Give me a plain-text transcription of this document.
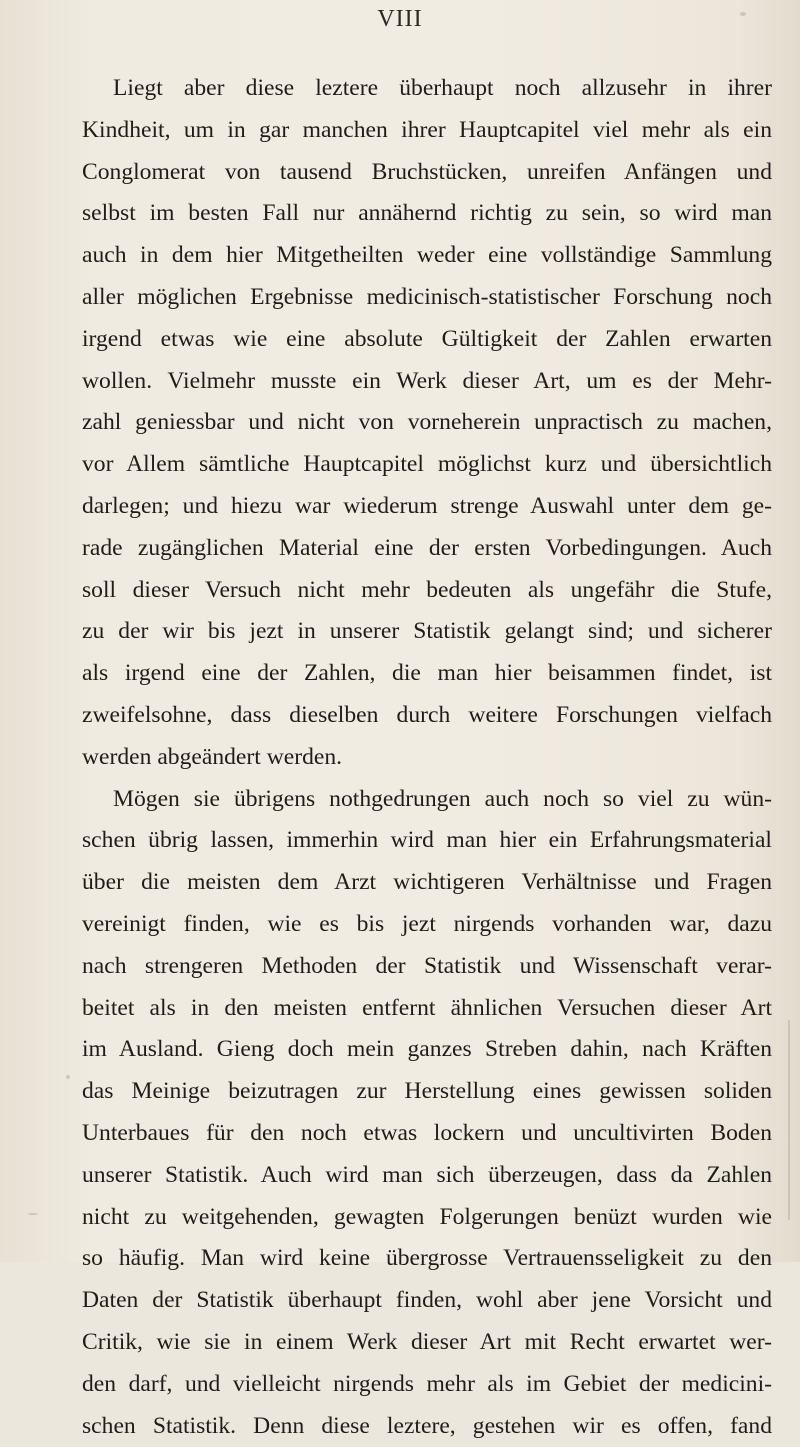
VIII
Liegt aber diese leztere überhaupt noch allzusehr in ihrer
Kindheit, um in gar manchen ihrer Hauptcapitel viel mehr als ein
Conglomerat von tausend Bruchstücken, unreifen Anfängen und
selbst im besten Fall nur annähernd richtig zu sein, so wird man
auch in dem hier Mitgetheilten weder eine vollständige Sammlung
aller möglichen Ergebnisse medicinisch-statistischer Forschung noch
irgend etwas wie eine absolute Gültigkeit der Zahlen erwarten
wollen. Vielmehr musste ein Werk dieser Art, um es der Mehr-
zahl geniessbar und nicht von vorneherein unpractisch zu machen,
vor Allem sämtliche Hauptcapitel möglichst kurz und übersichtlich
darlegen; und hiezu war wiederum strenge Auswahl unter dem ge-
rade zugänglichen Material eine der ersten Vorbedingungen. Auch
soll dieser Versuch nicht mehr bedeuten als ungefähr die Stufe,
zu der wir bis jezt in unserer Statistik gelangt sind; und sicherer
als irgend eine der Zahlen, die man hier beisammen findet, ist
zweifelsohne, dass dieselben durch weitere Forschungen vielfach
werden abgeändert werden.
Mögen sie übrigens nothgedrungen auch noch so viel zu wün-
schen übrig lassen, immerhin wird man hier ein Erfahrungsmaterial
über die meisten dem Arzt wichtigeren Verhältnisse und Fragen
vereinigt finden, wie es bis jezt nirgends vorhanden war, dazu
nach strengeren Methoden der Statistik und Wissenschaft verar-
beitet als in den meisten entfernt ähnlichen Versuchen dieser Art
im Ausland. Gieng doch mein ganzes Streben dahin, nach Kräften
das Meinige beizutragen zur Herstellung eines gewissen soliden
Unterbaues für den noch etwas lockern und uncultivirten Boden
unserer Statistik. Auch wird man sich überzeugen, dass da Zahlen
nicht zu weitgehenden, gewagten Folgerungen benüzt wurden wie
so häufig. Man wird keine übergrosse Vertrauensseligkeit zu den
Daten der Statistik überhaupt finden, wohl aber jene Vorsicht und
Critik, wie sie in einem Werk dieser Art mit Recht erwartet wer-
den darf, und vielleicht nirgends mehr als im Gebiet der medicini-
schen Statistik. Denn diese leztere, gestehen wir es offen, fand
